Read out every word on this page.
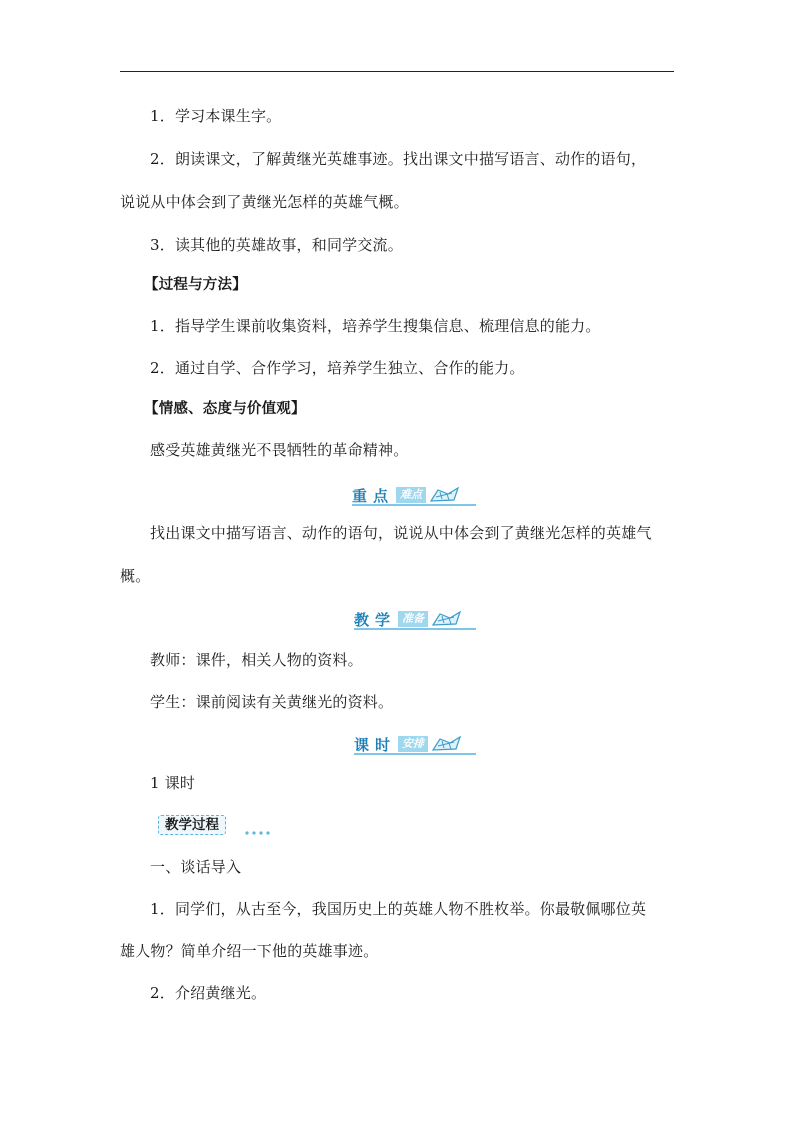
1．学习本课生字。
2．朗读课文，了解黄继光英雄事迹。找出课文中描写语言、动作的语句，
说说从中体会到了黄继光怎样的英雄气概。
3．读其他的英雄故事，和同学交流。
【过程与方法】
1．指导学生课前收集资料，培养学生搜集信息、梳理信息的能力。
2．通过自学、合作学习，培养学生独立、合作的能力。
【情感、态度与价值观】
感受英雄黄继光不畏牺牲的革命精神。
重点 难点
找出课文中描写语言、动作的语句，说说从中体会到了黄继光怎样的英雄气
概。
教学 准备
教师：课件，相关人物的资料。
学生：课前阅读有关黄继光的资料。
课时 安排
1 课时
教学过程
一、谈话导入
1．同学们，从古至今，我国历史上的英雄人物不胜枚举。你最敬佩哪位英
雄人物？简单介绍一下他的英雄事迹。
2．介绍黄继光。
